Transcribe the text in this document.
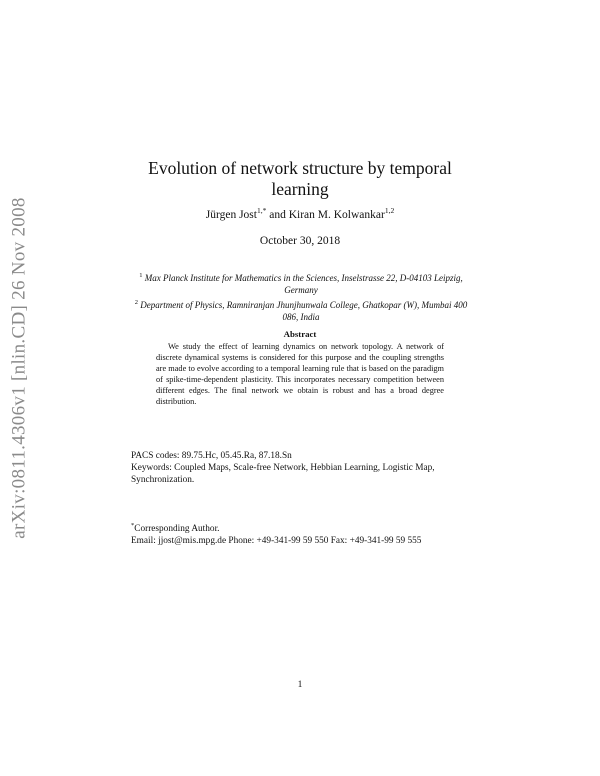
arXiv:0811.4306v1 [nlin.CD] 26 Nov 2008
Evolution of network structure by temporal learning
Jürgen Jost$^{1,*}$ and Kiran M. Kolwankar$^{1,2}$
October 30, 2018
$^1$ Max Planck Institute for Mathematics in the Sciences, Inselstrasse 22, D-04103 Leipzig, Germany
$^2$ Department of Physics, Ramniranjan Jhunjhunwala College, Ghatkopar (W), Mumbai 400 086, India
Abstract
We study the effect of learning dynamics on network topology. A network of discrete dynamical systems is considered for this purpose and the coupling strengths are made to evolve according to a temporal learning rule that is based on the paradigm of spike-time-dependent plasticity. This incorporates necessary competition between different edges. The final network we obtain is robust and has a broad degree distribution.
PACS codes: 89.75.Hc, 05.45.Ra, 87.18.Sn
Keywords: Coupled Maps, Scale-free Network, Hebbian Learning, Logistic Map,
Synchronization.
*Corresponding Author.
Email: jjost@mis.mpg.de Phone: +49-341-99 59 550 Fax: +49-341-99 59 555
1
